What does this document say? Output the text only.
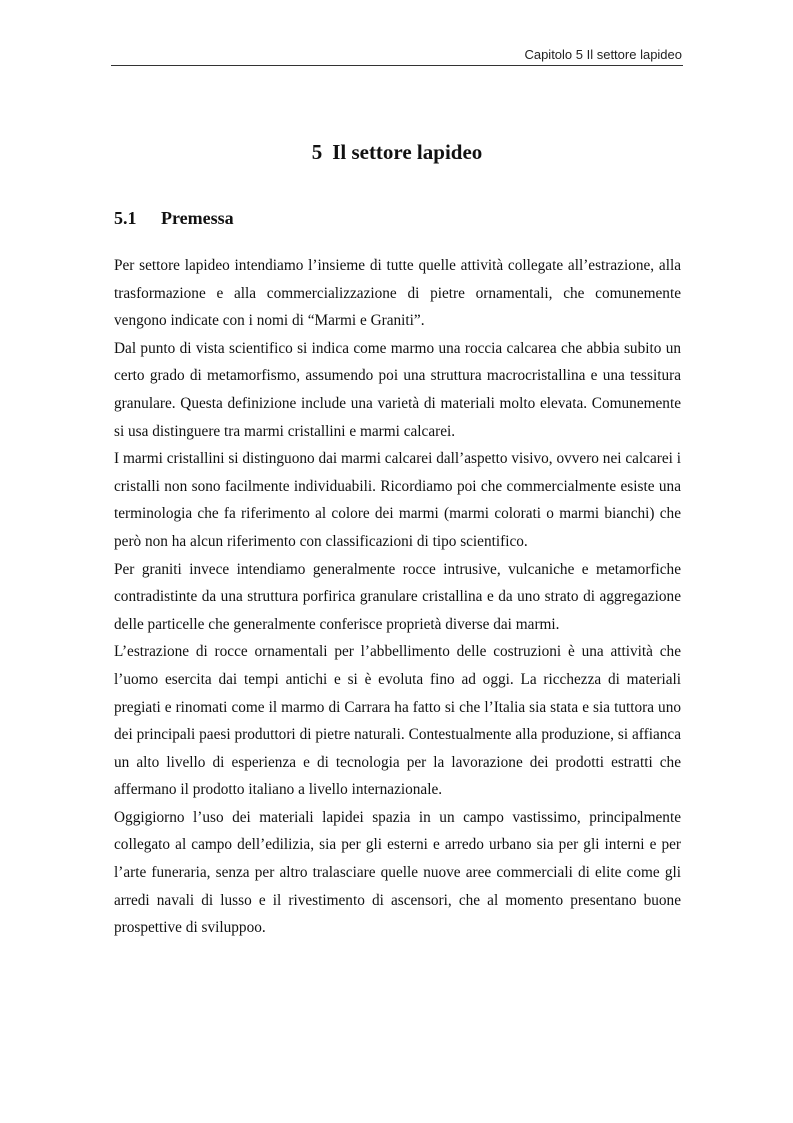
Capitolo 5 Il settore lapideo
5 Il settore lapideo
5.1 Premessa

Per settore lapideo intendiamo l’insieme di tutte quelle attività collegate all’estrazione, alla trasformazione e alla commercializzazione di pietre ornamentali, che comunemente vengono indicate con i nomi di “Marmi e Graniti”.

Dal punto di vista scientifico si indica come marmo una roccia calcarea che abbia subito un certo grado di metamorfismo, assumendo poi una struttura macrocristallina e una tessitura granulare. Questa definizione include una varietà di materiali molto elevata. Comunemente si usa distinguere tra marmi cristallini e marmi calcarei.

I marmi cristallini si distinguono dai marmi calcarei dall’aspetto visivo, ovvero nei calcarei i cristalli non sono facilmente individuabili. Ricordiamo poi che commercialmente esiste una terminologia che fa riferimento al colore dei marmi (marmi colorati o marmi bianchi) che però non ha alcun riferimento con classificazioni di tipo scientifico.

Per graniti invece intendiamo generalmente rocce intrusive, vulcaniche e metamorfiche contradistinte da una struttura porfirica granulare cristallina e da uno strato di aggregazione delle particelle che generalmente conferisce proprietà diverse dai marmi.

L’estrazione di rocce ornamentali per l’abbellimento delle costruzioni è una attività che l’uomo esercita dai tempi antichi e si è evoluta fino ad oggi. La ricchezza di materiali pregiati e rinomati come il marmo di Carrara ha fatto si che l’Italia sia stata e sia tuttora uno dei principali paesi produttori di pietre naturali. Contestualmente alla produzione, si affianca un alto livello di esperienza e di tecnologia per la lavorazione dei prodotti estratti che affermano il prodotto italiano a livello internazionale.

Oggigiorno l’uso dei materiali lapidei spazia in un campo vastissimo, principalmente collegato al campo dell’edilizia, sia per gli esterni e arredo urbano sia per gli interni e per l’arte funeraria, senza per altro tralasciare quelle nuove aree commerciali di elite come gli arredi navali di lusso e il rivestimento di ascensori, che al momento presentano buone prospettive di sviluppoo.
